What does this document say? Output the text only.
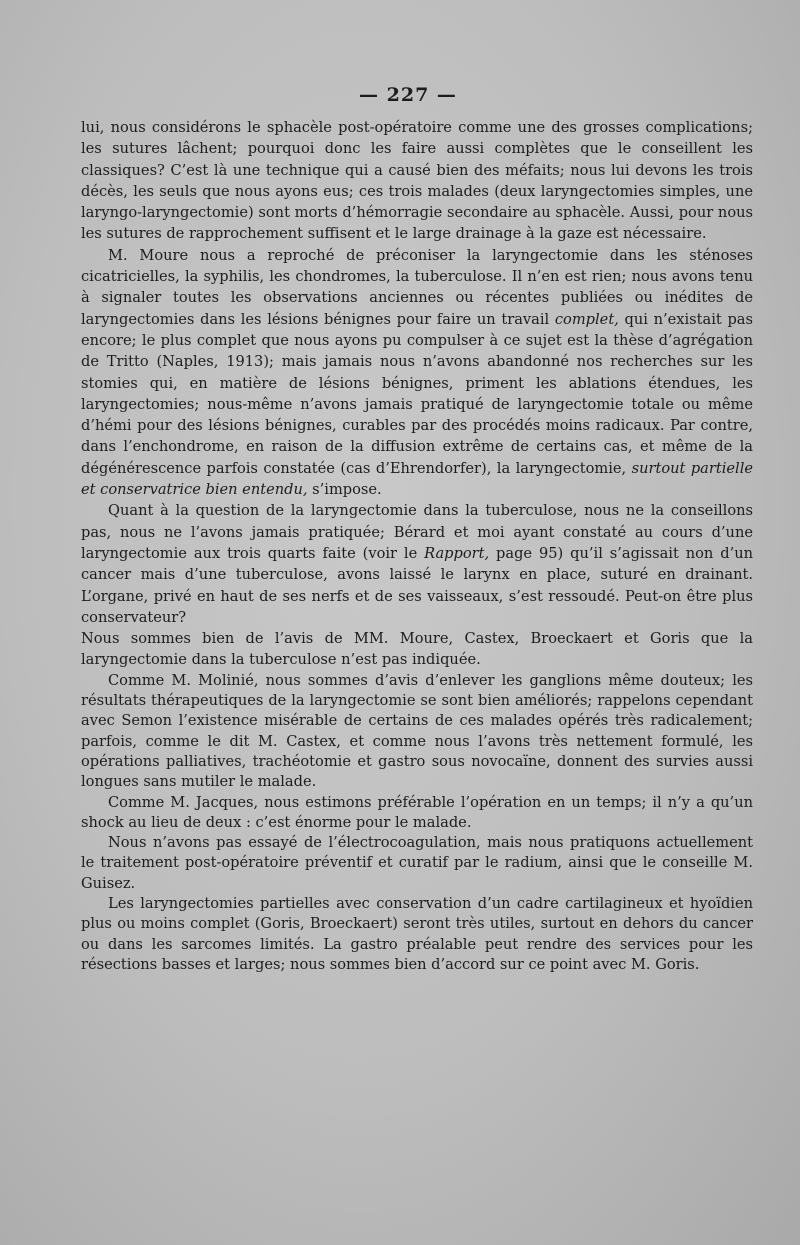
— 227 —

lui, nous considérons le sphacèle post-opératoire comme une des grosses complications; les sutures lâchent; pourquoi donc les faire aussi complètes que le conseillent les classiques? C’est là une technique qui a causé bien des méfaits; nous lui devons les trois décès, les seuls que nous ayons eus; ces trois malades (deux laryngectomies simples, une laryngo-laryngectomie) sont morts d’hémorragie secondaire au sphacèle. Aussi, pour nous les sutures de rapprochement suffisent et le large drainage à la gaze est nécessaire.

M. Moure nous a reproché de préconiser la laryngectomie dans les sténoses cicatricielles, la syphilis, les chondromes, la tuberculose. Il n’en est rien; nous avons tenu à signaler toutes les observations anciennes ou récentes publiées ou inédites de laryngectomies dans les lésions bénignes pour faire un travail complet, qui n’existait pas encore; le plus complet que nous ayons pu compulser à ce sujet est la thèse d’agrégation de Tritto (Naples, 1913); mais jamais nous n’avons abandonné nos recherches sur les stomies qui, en matière de lésions bénignes, priment les ablations étendues, les laryngectomies; nous-même n’avons jamais pratiqué de laryngectomie totale ou même d’hémi pour des lésions bénignes, curables par des procédés moins radicaux. Par contre, dans l’enchondrome, en raison de la diffusion extrême de certains cas, et même de la dégénérescence parfois constatée (cas d’Ehrendorfer), la laryngectomie, surtout partielle et conservatrice bien entendu, s’impose.

Quant à la question de la laryngectomie dans la tuberculose, nous ne la conseillons pas, nous ne l’avons jamais pratiquée; Bérard et moi ayant constaté au cours d’une laryngectomie aux trois quarts faite (voir le Rapport, page 95) qu’il s’agissait non d’un cancer mais d’une tuberculose, avons laissé le larynx en place, suturé en drainant. L’organe, privé en haut de ses nerfs et de ses vaisseaux, s’est ressoudé. Peut-on être plus conservateur?

Nous sommes bien de l’avis de MM. Moure, Castex, Broeckaert et Goris que la laryngectomie dans la tuberculose n’est pas indiquée.

Comme M. Molinié, nous sommes d’avis d’enlever les ganglions même douteux; les résultats thérapeutiques de la laryngectomie se sont bien améliorés; rappelons cependant avec Semon l’existence misérable de certains de ces malades opérés très radicalement; parfois, comme le dit M. Castex, et comme nous l’avons très nettement formulé, les opérations palliatives, trachéotomie et gastro sous novocaïne, donnent des survies aussi longues sans mutiler le malade.

Comme M. Jacques, nous estimons préférable l’opération en un temps; il n’y a qu’un shock au lieu de deux : c’est énorme pour le malade.

Nous n’avons pas essayé de l’électrocoagulation, mais nous pratiquons actuellement le traitement post-opératoire préventif et curatif par le radium, ainsi que le conseille M. Guisez.

Les laryngectomies partielles avec conservation d’un cadre cartilagineux et hyoïdien plus ou moins complet (Goris, Broeckaert) seront très utiles, surtout en dehors du cancer ou dans les sarcomes limités. La gastro préalable peut rendre des services pour les résections basses et larges; nous sommes bien d’accord sur ce point avec M. Goris.
